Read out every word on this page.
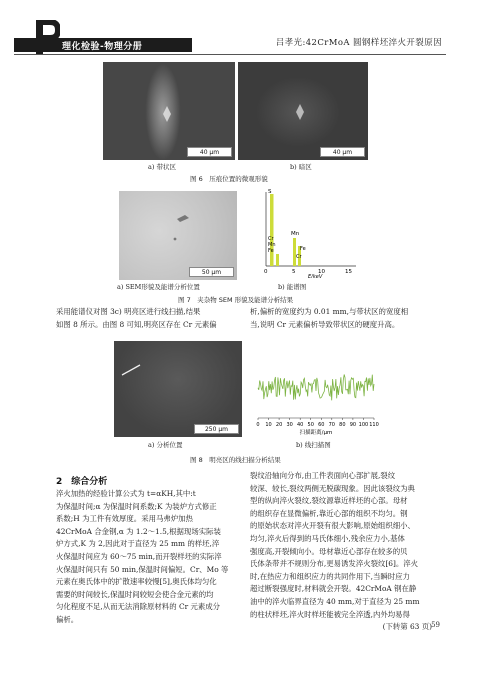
理化检验-物理分册	吕孝光:42CrMoA 圆钢样坯淬火开裂原因
40 μm	40 μm
a) 带状区	b) 暗区
图 6　压痕位置的微观形貌
50 μm
S
Mn
Cr
Mn
Fe	Fe
Cr
0	5	10	15
E/keV
a) SEM形貌及能谱分析位置	b) 能谱图
图 7　夹杂物 SEM 形貌及能谱分析结果
采用能谱仪对图 3c) 明亮区进行线扫描,结果
如图 8 所示。由图 8 可知,明亮区存在 Cr 元素偏
析,偏析的宽度约为 0.01 mm,与带状区的宽度相
当,说明 Cr 元素偏析导致带状区的硬度升高。
250 μm
0 10 20 30 40 50 60 70 80 90 100 110
扫描距离/μm
a) 分析位置	b) 线扫描图
图 8　明亮区的线扫描分析结果
2　综合分析
淬火加热的经验计算公式为 t=αKH,其中:t
为保温时间;α 为保温时间系数;K 为装炉方式修正
系数;H 为工件有效厚度。采用马弗炉加热
42CrMoA 合金钢,α 为 1.2～1.5,根据现场实际装
炉方式,K 为 2,因此对于直径为 25 mm 的样坯,淬
火保温时间应为 60～75 min,而开裂样坯的实际淬
火保温时间只有 50 min,保温时间偏短。Cr、Mo 等
元素在奥氏体中的扩散速率较慢[5],奥氏体均匀化
需要的时间较长,保温时间较短会使合金元素的均
匀化程度不足,从而无法消除原材料的 Cr 元素成分
偏析。
裂纹沿轴向分布,由工件表面向心部扩展,裂纹
较深、较长,裂纹两侧无脱碳现象。因此该裂纹为典
型的纵向淬火裂纹,裂纹源靠近样坯的心部。母材
的组织存在显微偏析,靠近心部的组织不均匀。钢
的原始状态对淬火开裂有很大影响,原始组织细小、
均匀,淬火后得到的马氏体细小,残余应力小,基体
强度高,开裂倾向小。母材靠近心部存在较多的贝
氏体条带并不规则分布,更易诱发淬火裂纹[6]。淬火
时,在热应力和组织应力的共同作用下,当瞬时应力
超过断裂强度时,材料就会开裂。42CrMoA 钢在静
油中的淬火临界直径为 40 mm,对于直径为 25 mm
的柱状样坯,淬火时样坯能被完全淬透,内外均易得
(下转第 63 页) 59
